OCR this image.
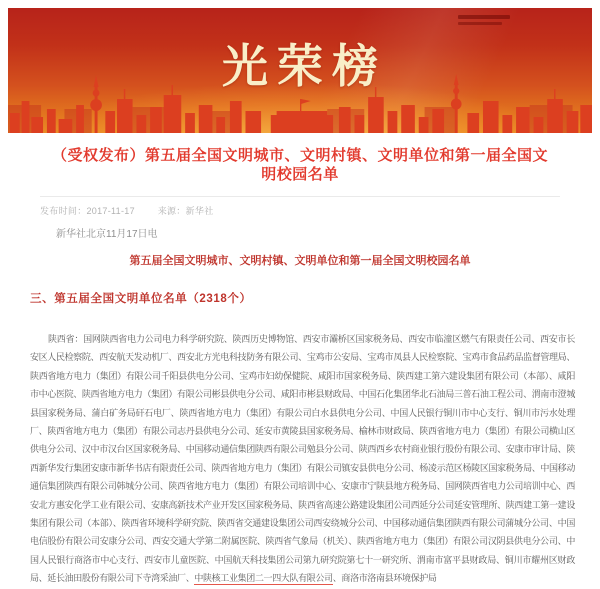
光荣榜
（受权发布）第五届全国文明城市、文明村镇、文明单位和第一届全国文明校园名单
发布时间：2017-11-17	来源：新华社

新华社北京11月17日电

第五届全国文明城市、文明村镇、文明单位和第一届全国文明校园名单

三、第五届全国文明单位名单（2318个）

陕西省：国网陕西省电力公司电力科学研究院、陕西历史博物馆、西安市灞桥区国家税务局、西安市临潼区燃气有限责任公司、西安市长安区人民检察院、西安航天发动机厂、西安北方光电科技防务有限公司、宝鸡市公安局、宝鸡市凤县人民检察院、宝鸡市食品药品监督管理局、陕西省地方电力（集团）有限公司千阳县供电分公司、宝鸡市妇幼保健院、咸阳市国家税务局、陕西建工第六建设集团有限公司（本部）、咸阳市中心医院、陕西省地方电力（集团）有限公司彬县供电分公司、咸阳市彬县财政局、中国石化集团华北石油局三普石油工程公司、渭南市澄城县国家税务局、蒲白矿务局矸石电厂、陕西省地方电力（集团）有限公司白水县供电分公司、中国人民银行铜川市中心支行、铜川市污水处理厂、陕西省地方电力（集团）有限公司志丹县供电分公司、延安市黄陵县国家税务局、榆林市财政局、陕西省地方电力（集团）有限公司横山区供电分公司、汉中市汉台区国家税务局、中国移动通信集团陕西有限公司勉县分公司、陕西西乡农村商业银行股份有限公司、安康市审计局、陕西新华发行集团安康市新华书店有限责任公司、陕西省地方电力（集团）有限公司镇安县供电分公司、杨凌示范区杨陵区国家税务局、中国移动通信集团陕西有限公司韩城分公司、陕西省地方电力（集团）有限公司培训中心、安康市宁陕县地方税务局、国网陕西省电力公司培训中心、西安北方惠安化学工业有限公司、安康高新技术产业开发区国家税务局、陕西省高速公路建设集团公司西延分公司延安管理所、陕西建工第一建设集团有限公司（本部）、陕西省环境科学研究院、陕西省交通建设集团公司西安绕城分公司、中国移动通信集团陕西有限公司蒲城分公司、中国电信股份有限公司安康分公司、西安交通大学第二附属医院、陕西省气象局（机关）、陕西省地方电力（集团）有限公司汉阴县供电分公司、中国人民银行商洛市中心支行、西安市儿童医院、中国航天科技集团公司第九研究院第七十一研究所、渭南市富平县财政局、铜川市耀州区财政局、延长油田股份有限公司下寺湾采油厂、中陕核工业集团二一四大队有限公司、商洛市洛南县环境保护局
